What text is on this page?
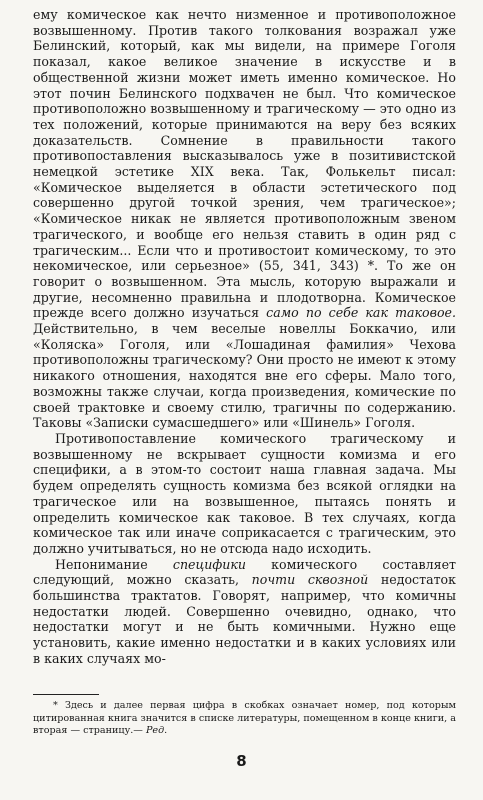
ему комическое как нечто низменное и противоположное возвышенному. Против такого толкования возражал уже Белинский, который, как мы видели, на примере Гоголя показал, какое великое значение в искусстве и в общественной жизни может иметь именно комическое. Но этот почин Белинского подхвачен не был. Что комическое противоположно возвышенному и трагическому — это одно из тех положений, которые принимаются на веру без всяких доказательств. Сомнение в правильности такого противопоставления высказывалось уже в позитивистской немецкой эстетике XIX века. Так, Фолькельт писал: «Комическое выделяется в области эстетического под совершенно другой точкой зрения, чем трагическое»; «Комическое никак не является противоположным звеном трагического, и вообще его нельзя ставить в один ряд с трагическим... Если что и противостоит комическому, то это некомическое, или серьезное» (55, 341, 343) *. То же он говорит о возвышенном. Эта мысль, которую выражали и другие, несомненно правильна и плодотворна. Комическое прежде всего должно изучаться само по себе как таковое. Действительно, в чем веселые новеллы Боккачио, или «Коляска» Гоголя, или «Лошадиная фамилия» Чехова противоположны трагическому? Они просто не имеют к этому никакого отношения, находятся вне его сферы. Мало того, возможны также случаи, когда произведения, комические по своей трактовке и своему стилю, трагичны по содержанию. Таковы «Записки сумасшедшего» или «Шинель» Гоголя.

Противопоставление комического трагическому и возвышенному не вскрывает сущности комизма и его специфики, а в этом-то состоит наша главная задача. Мы будем определять сущность комизма без всякой оглядки на трагическое или на возвышенное, пытаясь понять и определить комическое как таковое. В тех случаях, когда комическое так или иначе соприкасается с трагическим, это должно учитываться, но не отсюда надо исходить.

Непонимание специфики комического составляет следующий, можно сказать, почти сквозной недостаток большинства трактатов. Говорят, например, что комичны недостатки людей. Совершенно очевидно, однако, что недостатки могут и не быть комичными. Нужно еще установить, какие именно недостатки и в каких условиях или в каких случаях мо-

* Здесь и далее первая цифра в скобках означает номер, под которым цитированная книга значится в списке литературы, помещенном в конце книги, а вторая — страницу.— Ред.

8
